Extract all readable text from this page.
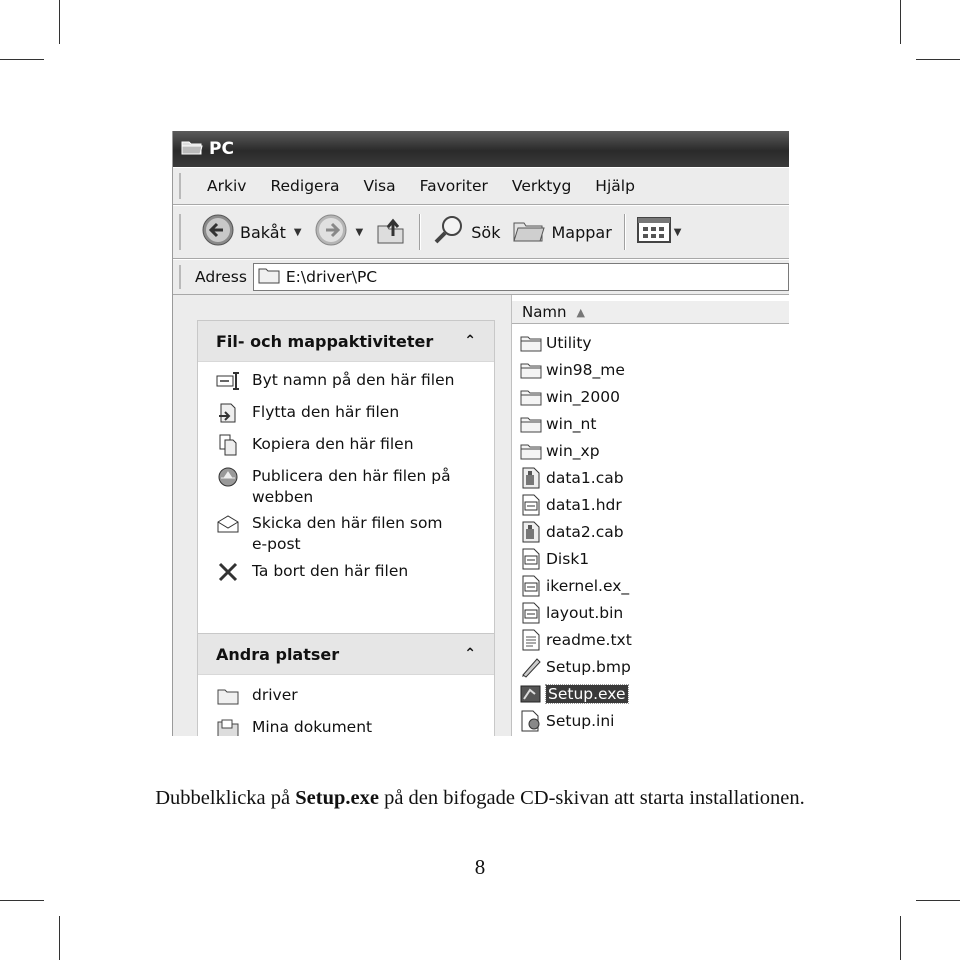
PC
Arkiv	Redigera	Visa	Favoriter	Verktyg	Hjälp
Bakåt ▼	▼	Sök	Mappar	▼
Adress	E:\driver\PC
Fil- och mappaktiviteter ⌃
Byt namn på den här filen
Flytta den här filen
Kopiera den här filen
Publicera den här filen på
webben
Skicka den här filen som
e-post
Ta bort den här filen
Andra platser	⌃
driver
Mina dokument
Namn ▲
Utility
win98_me
win_2000
win_nt
win_xp
data1.cab
data1.hdr
data2.cab
Disk1
ikernel.ex_
layout.bin
readme.txt
Setup.bmp
Setup.exe
Setup.ini
Dubbelklicka på Setup.exe på den bifogade CD-skivan att starta installationen.
8
